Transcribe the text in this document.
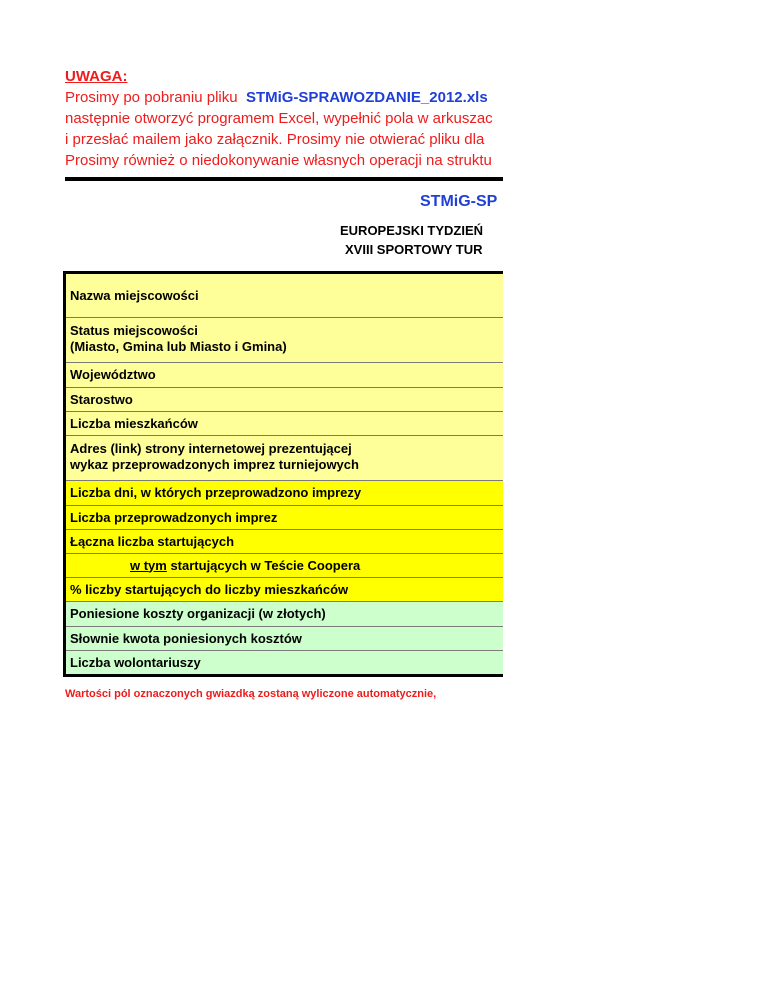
UWAGA:
Prosimy po pobraniu pliku STMiG-SPRAWOZDANIE_2012.xls
następnie otworzyć programem Excel, wypełnić pola w arkuszac
i przesłać mailem jako załącznik. Prosimy nie otwierać pliku dla
Prosimy również o niedokonywanie własnych operacji na struktu
STMiG-SP
EUROPEJSKI TYDZIEŃ
XVIII SPORTOWY TUR
Nazwa miejscowości
Status miejscowości
(Miasto, Gmina lub Miasto i Gmina)
Województwo
Starostwo
Liczba mieszkańców
Adres (link) strony internetowej prezentującej
wykaz przeprowadzonych imprez turniejowych
Liczba dni, w których przeprowadzono imprezy
Liczba przeprowadzonych imprez
Łączna liczba startujących
w tym startujących w Teście Coopera
% liczby startujących do liczby mieszkańców
Poniesione koszty organizacji (w złotych)
Słownie kwota poniesionych kosztów
Liczba wolontariuszy
Wartości pól oznaczonych gwiazdką zostaną wyliczone automatycznie,
